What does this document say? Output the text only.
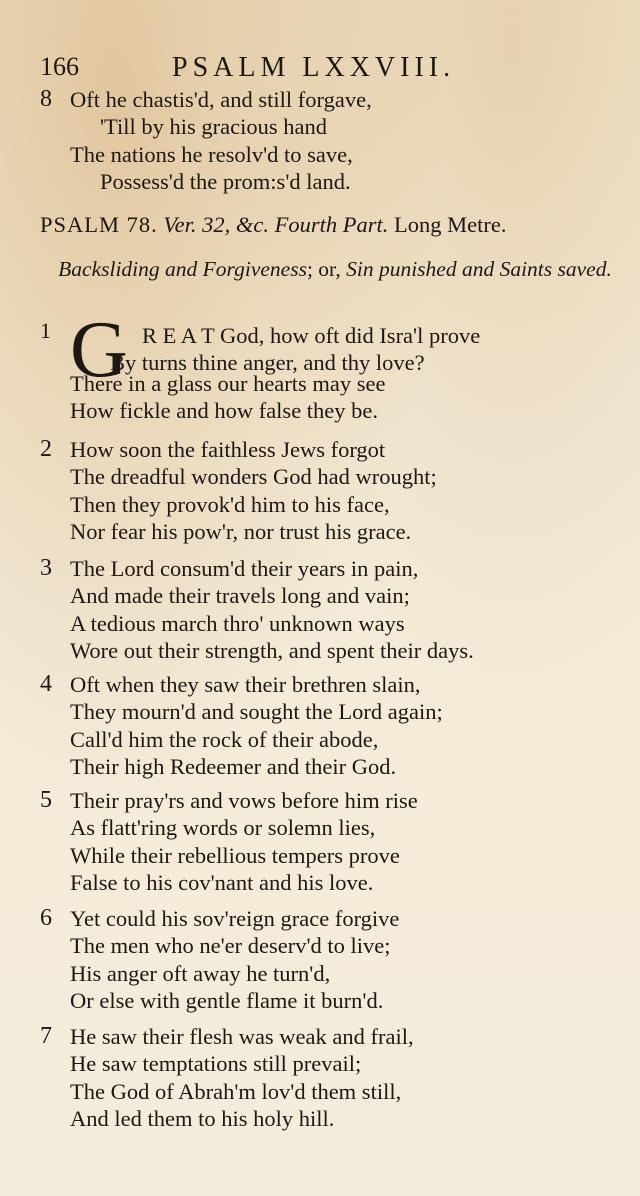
166	PSALM LXXVIII.
8 Oft he chastis'd, and still forgave,
'Till by his gracious hand
The nations he resolv'd to save,
Possess'd the prom:s'd land.
PSALM 78. Ver. 32, &c. Fourth Part. Long Metre.
Backsliding and Forgiveness; or, Sin punished and Saints saved.
1 G R E A T God, how oft did Isra'l prove
By turns thine anger, and thy love?
There in a glass our hearts may see
How fickle and how false they be.
2 How soon the faithless Jews forgot
The dreadful wonders God had wrought;
Then they provok'd him to his face,
Nor fear his pow'r, nor trust his grace.
3 The Lord consum'd their years in pain,
And made their travels long and vain;
A tedious march thro' unknown ways
Wore out their strength, and spent their days.
4 Oft when they saw their brethren slain,
They mourn'd and sought the Lord again;
Call'd him the rock of their abode,
Their high Redeemer and their God.
5 Their pray'rs and vows before him rise
As flatt'ring words or solemn lies,
While their rebellious tempers prove
False to his cov'nant and his love.
6 Yet could his sov'reign grace forgive
The men who ne'er deserv'd to live;
His anger oft away he turn'd,
Or else with gentle flame it burn'd.
7 He saw their flesh was weak and frail,
He saw temptations still prevail;
The God of Abrah'm lov'd them still,
And led them to his holy hill.
